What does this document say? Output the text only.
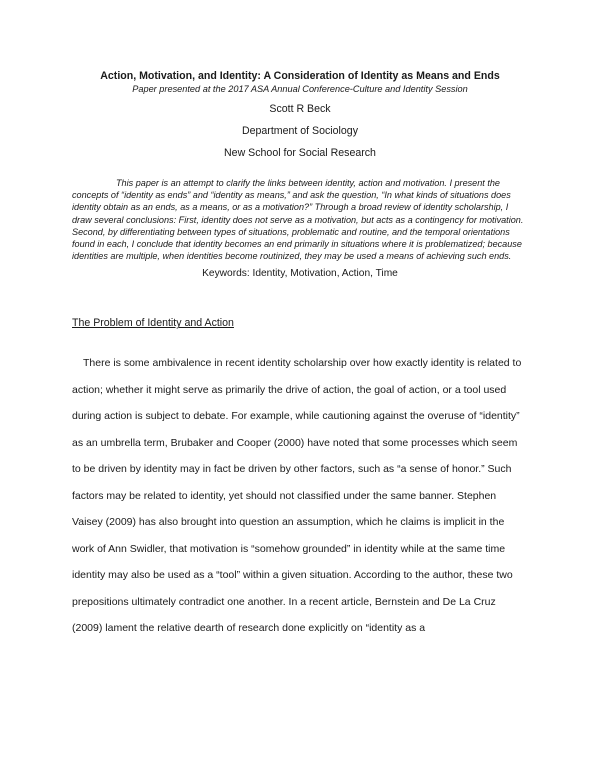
Action, Motivation, and Identity: A Consideration of Identity as Means and Ends

Paper presented at the 2017 ASA Annual Conference-Culture and Identity Session

Scott R Beck

Department of Sociology

New School for Social Research

This paper is an attempt to clarify the links between identity, action and motivation. I present the concepts of “identity as ends” and “identity as means,” and ask the question, “In what kinds of situations does identity obtain as an ends, as a means, or as a motivation?” Through a broad review of identity scholarship, I draw several conclusions: First, identity does not serve as a motivation, but acts as a contingency for motivation. Second, by differentiating between types of situations, problematic and routine, and the temporal orientations found in each, I conclude that identity becomes an end primarily in situations where it is problematized; because identities are multiple, when identities become routinized, they may be used a means of achieving such ends.

Keywords: Identity, Motivation, Action, Time

The Problem of Identity and Action

There is some ambivalence in recent identity scholarship over how exactly identity is related to action; whether it might serve as primarily the drive of action, the goal of action, or a tool used during action is subject to debate. For example, while cautioning against the overuse of “identity” as an umbrella term, Brubaker and Cooper (2000) have noted that some processes which seem to be driven by identity may in fact be driven by other factors, such as “a sense of honor.” Such factors may be related to identity, yet should not classified under the same banner. Stephen Vaisey (2009) has also brought into question an assumption, which he claims is implicit in the work of Ann Swidler, that motivation is “somehow grounded” in identity while at the same time identity may also be used as a “tool” within a given situation. According to the author, these two prepositions ultimately contradict one another. In a recent article, Bernstein and De La Cruz (2009) lament the relative dearth of research done explicitly on “identity as a
